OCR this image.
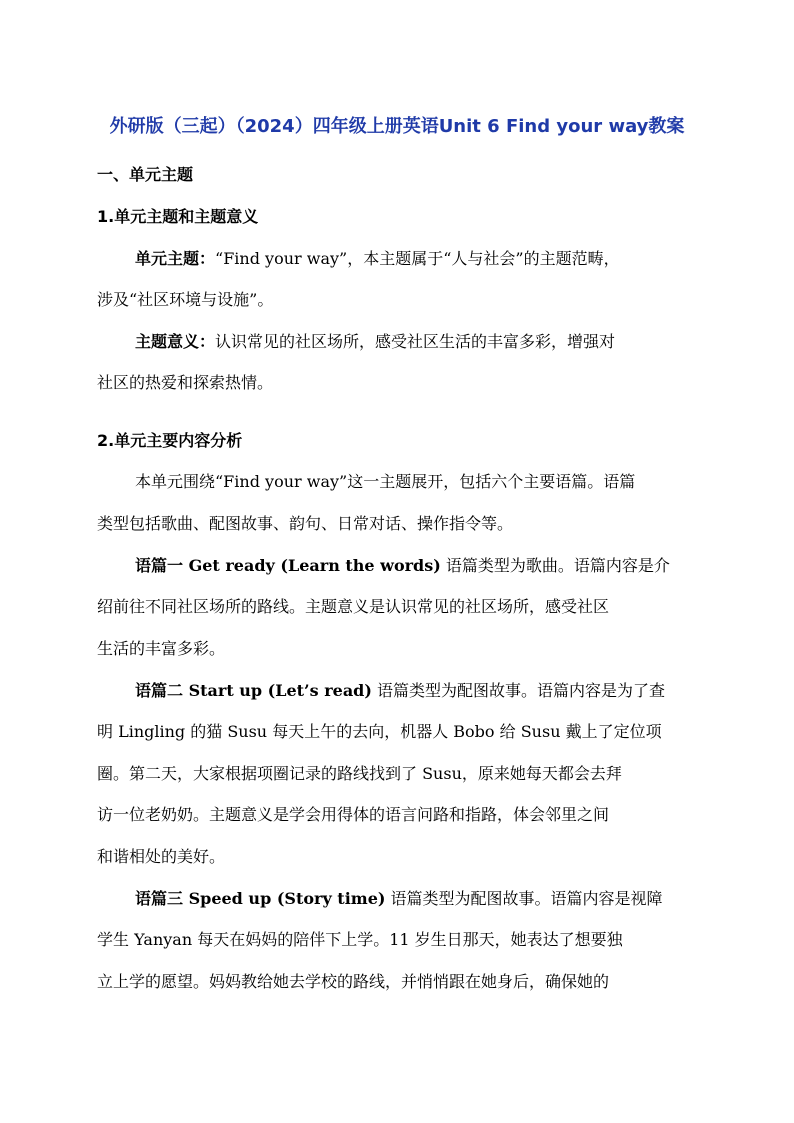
外研版（三起）（2024）四年级上册英语Unit 6 Find your way教案
一、单元主题
1.单元主题和主题意义
单元主题：“Find your way”，本主题属于“人与社会”的主题范畴，
涉及“社区环境与设施”。
主题意义：认识常见的社区场所，感受社区生活的丰富多彩，增强对
社区的热爱和探索热情。
2.单元主要内容分析
本单元围绕“Find your way”这一主题展开，包括六个主要语篇。语篇
类型包括歌曲、配图故事、韵句、日常对话、操作指令等。
语篇一 Get ready (Learn the words) 语篇类型为歌曲。语篇内容是介
绍前往不同社区场所的路线。主题意义是认识常见的社区场所，感受社区
生活的丰富多彩。
语篇二 Start up (Let’s read) 语篇类型为配图故事。语篇内容是为了查
明 Lingling 的猫 Susu 每天上午的去向，机器人 Bobo 给 Susu 戴上了定位项
圈。第二天，大家根据项圈记录的路线找到了 Susu，原来她每天都会去拜
访一位老奶奶。主题意义是学会用得体的语言问路和指路，体会邻里之间
和谐相处的美好。
语篇三 Speed up (Story time) 语篇类型为配图故事。语篇内容是视障
学生 Yanyan 每天在妈妈的陪伴下上学。11 岁生日那天，她表达了想要独
立上学的愿望。妈妈教给她去学校的路线，并悄悄跟在她身后，确保她的
